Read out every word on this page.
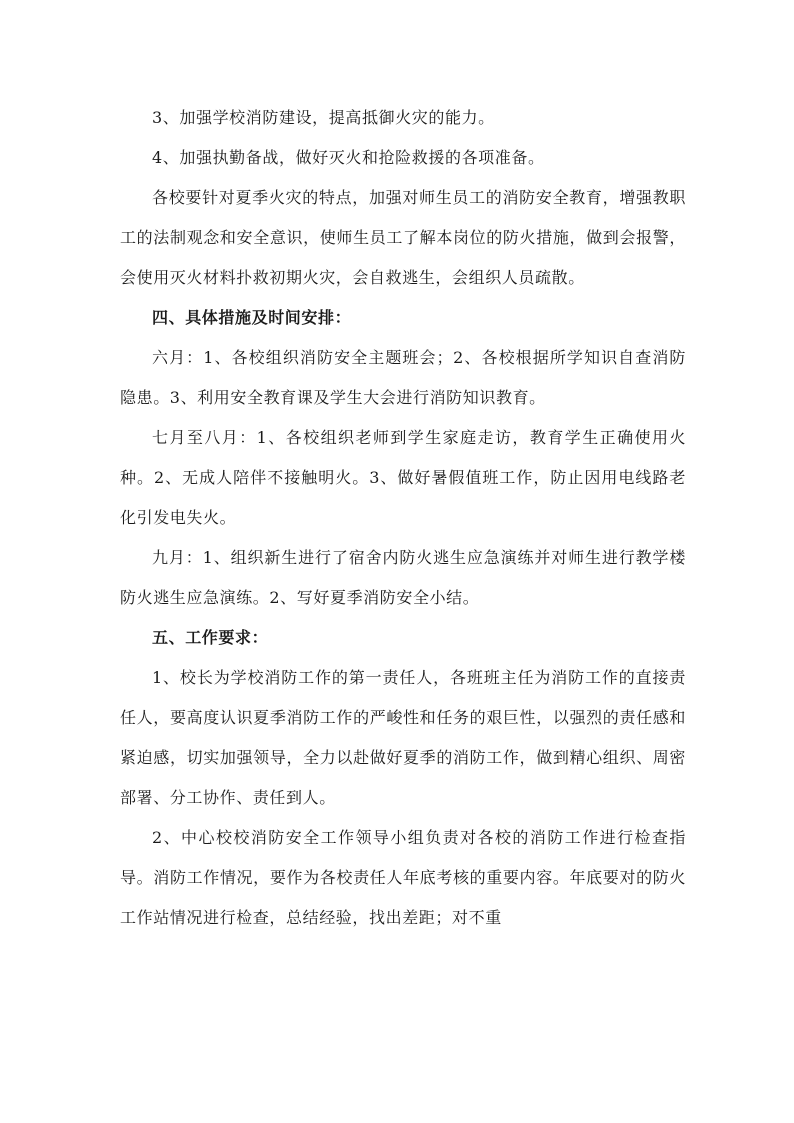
3、加强学校消防建设，提高抵御火灾的能力。

4、加强执勤备战，做好灭火和抢险救援的各项准备。

各校要针对夏季火灾的特点，加强对师生员工的消防安全教育，增强教职工的法制观念和安全意识，使师生员工了解本岗位的防火措施，做到会报警，会使用灭火材料扑救初期火灾，会自救逃生，会组织人员疏散。

四、具体措施及时间安排：

六月：1、各校组织消防安全主题班会；2、各校根据所学知识自查消防隐患。3、利用安全教育课及学生大会进行消防知识教育。

七月至八月：1、各校组织老师到学生家庭走访，教育学生正确使用火种。2、无成人陪伴不接触明火。3、做好暑假值班工作，防止因用电线路老化引发电失火。

九月：1、组织新生进行了宿舍内防火逃生应急演练并对师生进行教学楼防火逃生应急演练。2、写好夏季消防安全小结。

五、工作要求：

1、校长为学校消防工作的第一责任人，各班班主任为消防工作的直接责任人，要高度认识夏季消防工作的严峻性和任务的艰巨性，以强烈的责任感和紧迫感，切实加强领导，全力以赴做好夏季的消防工作，做到精心组织、周密部署、分工协作、责任到人。

2、中心校校消防安全工作领导小组负责对各校的消防工作进行检查指导。消防工作情况，要作为各校责任人年底考核的重要内容。年底要对的防火工作站情况进行检查，总结经验，找出差距；对不重
